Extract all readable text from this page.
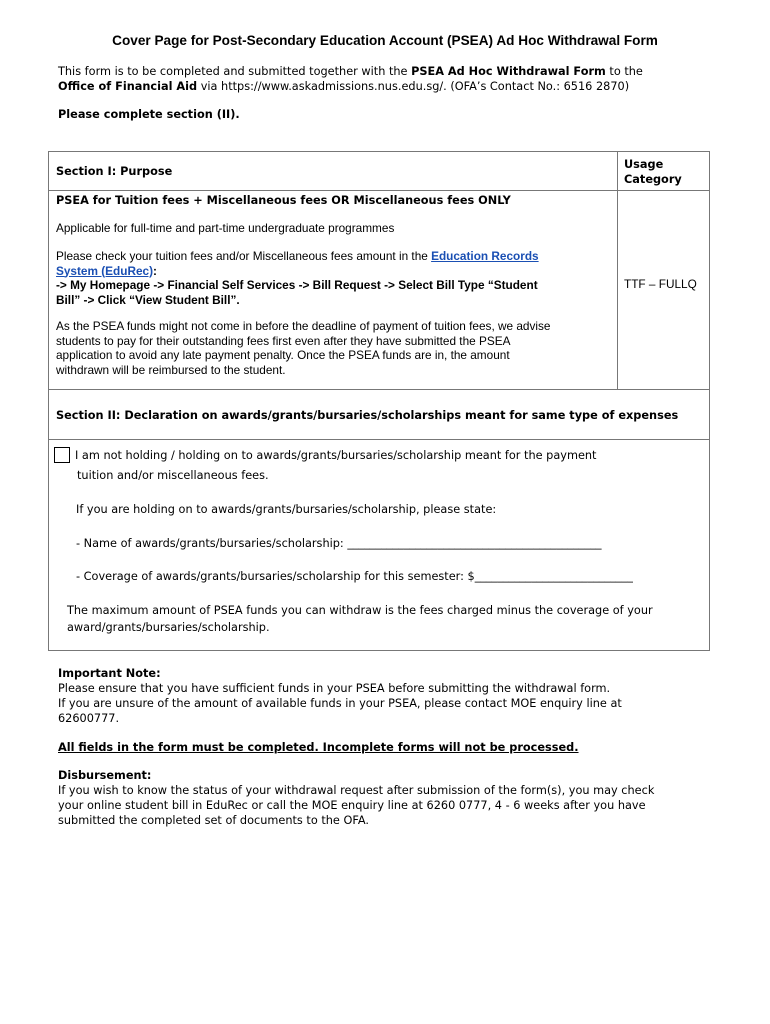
Cover Page for Post-Secondary Education Account (PSEA) Ad Hoc Withdrawal Form
This form is to be completed and submitted together with the PSEA Ad Hoc Withdrawal Form to the
Office of Financial Aid via https://www.askadmissions.nus.edu.sg/. (OFA’s Contact No.: 6516 2870)
Please complete section (II).
Section I: Purpose
Usage
Category
PSEA for Tuition fees + Miscellaneous fees OR Miscellaneous fees ONLY
Applicable for full-time and part-time undergraduate programmes
Please check your tuition fees and/or Miscellaneous fees amount in the Education Records
System (EduRec):
-> My Homepage -> Financial Self Services -> Bill Request -> Select Bill Type “Student
Bill” -> Click “View Student Bill”.
As the PSEA funds might not come in before the deadline of payment of tuition fees, we advise
students to pay for their outstanding fees first even after they have submitted the PSEA
application to avoid any late payment penalty. Once the PSEA funds are in, the amount
withdrawn will be reimbursed to the student.
TTF – FULLQ
Section II: Declaration on awards/grants/bursaries/scholarships meant for same type of expenses
I am not holding / holding on to awards/grants/bursaries/scholarship meant for the payment
tuition and/or miscellaneous fees.
If you are holding on to awards/grants/bursaries/scholarship, please state:
- Name of awards/grants/bursaries/scholarship: _____________________________________________
- Coverage of awards/grants/bursaries/scholarship for this semester: $____________________________
The maximum amount of PSEA funds you can withdraw is the fees charged minus the coverage of your
award/grants/bursaries/scholarship.
Important Note:
Please ensure that you have sufficient funds in your PSEA before submitting the withdrawal form.
If you are unsure of the amount of available funds in your PSEA, please contact MOE enquiry line at
62600777.
All fields in the form must be completed. Incomplete forms will not be processed.
Disbursement:
If you wish to know the status of your withdrawal request after submission of the form(s), you may check
your online student bill in EduRec or call the MOE enquiry line at 6260 0777, 4 - 6 weeks after you have
submitted the completed set of documents to the OFA.
